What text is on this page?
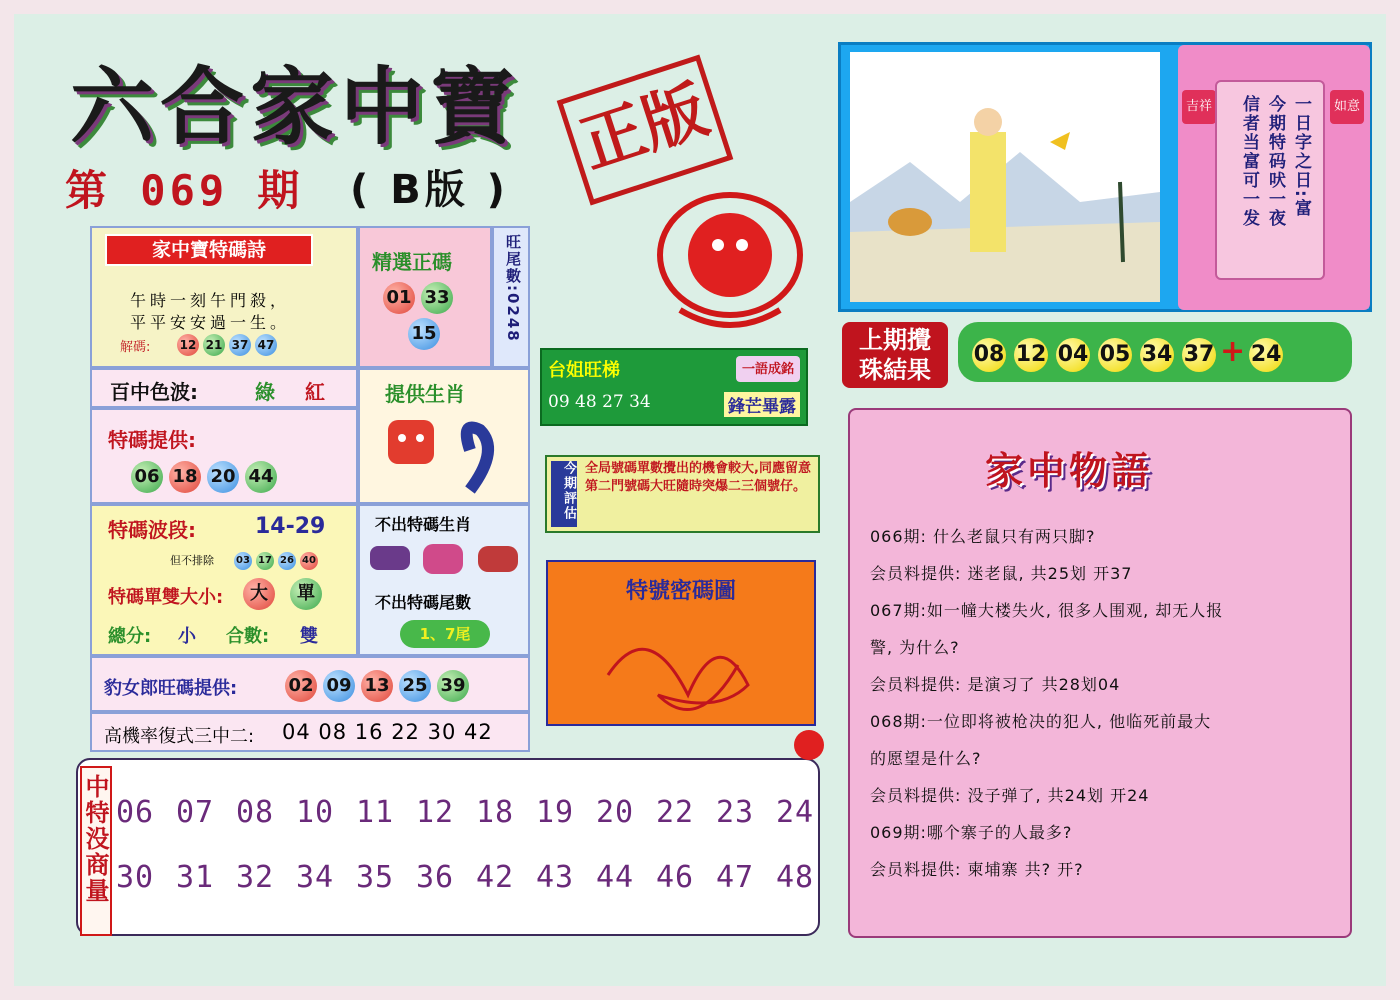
六合家中寶 正版
第 069 期 ( B版 )
吉祥	如意
一日字之日:富
今期特码吠一夜
信者当富可一发
上期攪
珠結果
08 12 04 05 34 37 + 24
家中寶特碼詩
午時一刻午門殺，
平平安安過一生。
解碼:	12 21 37 47
精選正碼
01 33
15	旺尾數:0248
百中色波:	綠 紅
特碼提供:
06 18 20 44
提供生肖
特碼波段:	14-29
但不排除	03 17 26 40
特碼單雙大小:	大 單
總分: 小 合數: 雙
不出特碼生肖
不出特碼尾數
1、7尾
豹女郎旺碼提供:	02 09 13 25 39
高機率復式三中二: 04 08 16 22 30 42
台姐旺梯	一語成銘
09 48 27 34	鋒芒畢露
今期評估 全局號碼單數攪出的機會較大,同應留意第二門號碼大旺隨時突爆二三個號仔。
特號密碼圖
家中物語
066期: 什么老鼠只有两只脚?
会员料提供: 迷老鼠, 共25划 开37
067期:如一幢大楼失火, 很多人围观, 却无人报
警, 为什么?
会员料提供: 是演习了 共28划04
068期:一位即将被枪决的犯人, 他临死前最大
的愿望是什么?
会员料提供: 没子弹了, 共24划 开24
069期:哪个寨子的人最多?
会员料提供: 柬埔寨 共? 开?
中特没商量 06 07 08 10 11 12 18 19 20 22 23 24
30 31 32 34 35 36 42 43 44 46 47 48
